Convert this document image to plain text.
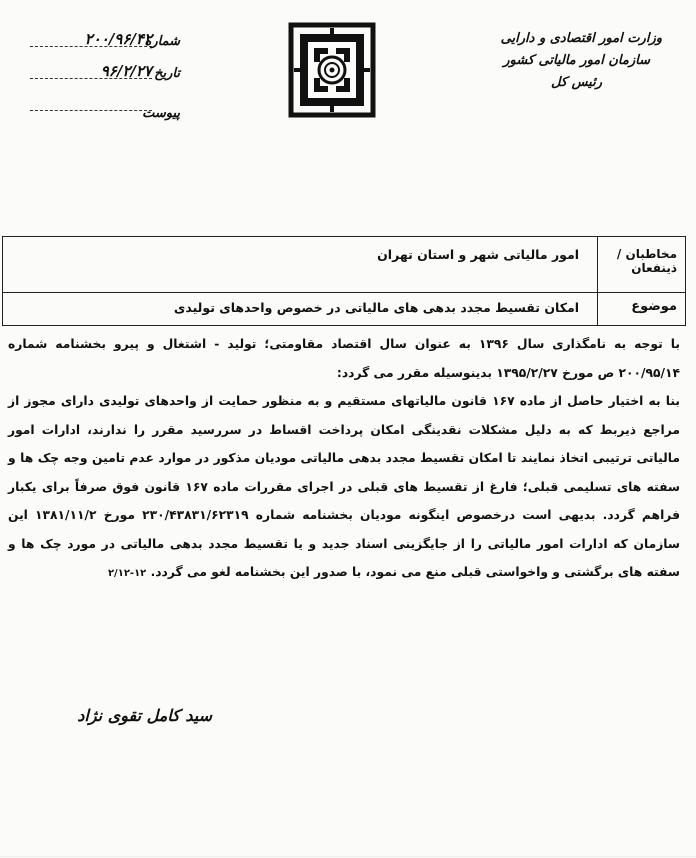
وزارت امور اقتصادی و دارایی
سازمان امور مالیاتی کشور
رئیس کل
شماره
۲۰۰/۹۶/۴۲
تاریخ
۹۶/۲/۲۷
پیوست
مخاطبان / ذینفعان
امور مالیاتی شهر و استان تهران
موضوع
امکان تقسیط مجدد بدهی های مالیاتی در خصوص واحدهای تولیدی

با توجه به نامگذاری سال ۱۳۹۶ به عنوان سال اقتصاد مقاومتی؛ تولید - اشتغال و پیرو بخشنامه شماره ۲۰۰/۹۵/۱۴ ص مورخ ۱۳۹۵/۲/۲۷ بدینوسیله مقرر می گردد:

بنا به اختیار حاصل از ماده ۱۶۷ قانون مالیاتهای مستقیم و به منظور حمایت از واحدهای تولیدی دارای مجوز از مراجع ذیربط که به دلیل مشکلات نقدینگی امکان پرداخت اقساط در سررسید مقرر را ندارند، ادارات امور مالیاتی ترتیبی اتخاذ نمایند تا امکان تقسیط مجدد بدهی مالیاتی مودیان مذکور در موارد عدم تامین وجه چک ها و سفته های تسلیمی قبلی؛ فارغ از تقسیط های قبلی در اجرای مقررات ماده ۱۶۷ قانون فوق صرفاً برای یکبار فراهم گردد. بدیهی است درخصوص اینگونه مودیان بخشنامه شماره ۲۳۰/۴۳۸۳۱/۶۲۳۱۹ مورخ ۱۳۸۱/۱۱/۲ این سازمان که ادارات امور مالیاتی را از جایگزینی اسناد جدید و یا تقسیط مجدد بدهی مالیاتی در مورد چک ها و سفته های برگشتی و واخواستی قبلی منع می نمود، با صدور این بخشنامه لغو می گردد. ۱۲-۲/۱۲

سید کامل تقوی نژاد
